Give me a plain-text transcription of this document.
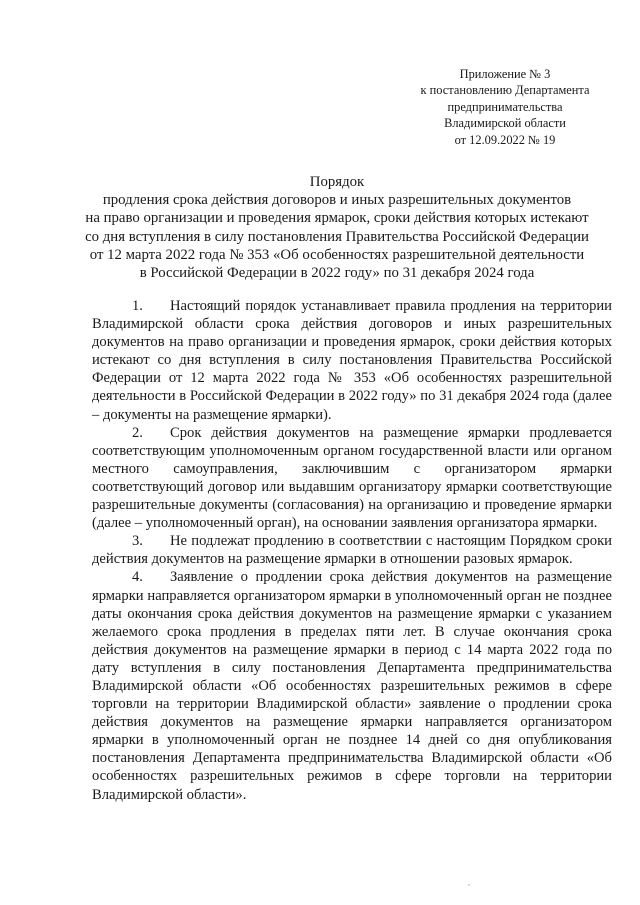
Приложение № 3
к постановлению Департамента
предпринимательства
Владимирской области
от 12.09.2022 № 19
Порядок
продления срока действия договоров и иных разрешительных документов
на право организации и проведения ярмарок, сроки действия которых истекают
со дня вступления в силу постановления Правительства Российской Федерации
от 12 марта 2022 года № 353 «Об особенностях разрешительной деятельности
в Российской Федерации в 2022 году» по 31 декабря 2024 года

1. Настоящий порядок устанавливает правила продления на территории Владимирской области срока действия договоров и иных разрешительных документов на право организации и проведения ярмарок, сроки действия которых истекают со дня вступления в силу постановления Правительства Российской Федерации от 12 марта 2022 года № 353 «Об особенностях разрешительной деятельности в Российской Федерации в 2022 году» по 31 декабря 2024 года (далее – документы на размещение ярмарки).

2. Срок действия документов на размещение ярмарки продлевается соответствующим уполномоченным органом государственной власти или органом местного самоуправления, заключившим с организатором ярмарки соответствующий договор или выдавшим организатору ярмарки соответствующие разрешительные документы (согласования) на организацию и проведение ярмарки (далее – уполномоченный орган), на основании заявления организатора ярмарки.

3. Не подлежат продлению в соответствии с настоящим Порядком сроки действия документов на размещение ярмарки в отношении разовых ярмарок.

4. Заявление о продлении срока действия документов на размещение ярмарки направляется организатором ярмарки в уполномоченный орган не позднее даты окончания срока действия документов на размещение ярмарки с указанием желаемого срока продления в пределах пяти лет. В случае окончания срока действия документов на размещение ярмарки в период с 14 марта 2022 года по дату вступления в силу постановления Департамента предпринимательства Владимирской области «Об особенностях разрешительных режимов в сфере торговли на территории Владимирской области» заявление о продлении срока действия документов на размещение ярмарки направляется организатором ярмарки в уполномоченный орган не позднее 14 дней со дня опубликования постановления Департамента предпринимательства Владимирской области «Об особенностях разрешительных режимов в сфере торговли на территории Владимирской области».
